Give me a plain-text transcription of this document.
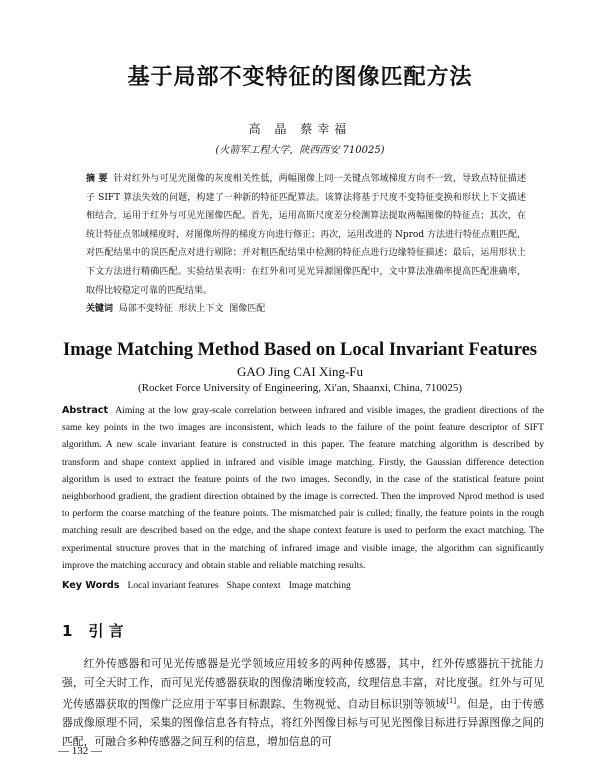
基于局部不变特征的图像匹配方法
高 晶 蔡幸福
(火箭军工程大学，陕西西安 710025)
摘 要 针对红外与可见光图像的灰度相关性低，两幅图像上同一关键点邻域梯度方向不一致，导致点特征描述子 SIFT 算法失效的问题，构建了一种新的特征匹配算法。该算法将基于尺度不变特征变换和形状上下文描述相结合，运用于红外与可见光图像匹配。首先，运用高斯尺度差分检测算法提取两幅图像的特征点；其次，在统计特征点邻域梯度时，对图像所得的梯度方向进行修正；再次，运用改进的 Nprod 方法进行特征点粗匹配，对匹配结果中的误匹配点对进行剔除；并对粗匹配结果中检测的特征点进行边缘特征描述；最后，运用形状上下文方法进行精确匹配。实验结果表明：在红外和可见光异源图像匹配中，文中算法准确率提高匹配准确率，取得比较稳定可靠的匹配结果。
关键词 局部不变特征 形状上下文 图像匹配
Image Matching Method Based on Local Invariant Features
GAO Jing CAI Xing-Fu
(Rocket Force University of Engineering, Xi'an, Shaanxi, China, 710025)
Abstract Aiming at the low gray-scale correlation between infrared and visible images, the gradient directions of the same key points in the two images are inconsistent, which leads to the failure of the point feature descriptor of SIFT algorithm. A new scale invariant feature is constructed in this paper. The feature matching algorithm is described by transform and shape context applied in infrared and visible image matching. Firstly, the Gaussian difference detection algorithm is used to extract the feature points of the two images. Secondly, in the case of the statistical feature point neighborhood gradient, the gradient direction obtained by the image is corrected. Then the improved Nprod method is used to perform the coarse matching of the feature points. The mismatched pair is culled; finally, the feature points in the rough matching result are described based on the edge, and the shape context feature is used to perform the exact matching. The experimental structure proves that in the matching of infrared image and visible image, the algorithm can significantly improve the matching accuracy and obtain stable and reliable matching results.
Key Words Local invariant features Shape context Image matching
1 引 言
红外传感器和可见光传感器是光学领域应用较多的两种传感器，其中，红外传感器抗干扰能力强，可全天时工作，而可见光传感器获取的图像清晰度较高，纹理信息丰富，对比度强。红外与可见光传感器获取的图像广泛应用于军事目标跟踪、生物视觉、自动目标识别等领域[1]。但是，由于传感器成像原理不同，采集的图像信息各有特点，将红外图像目标与可见光图像目标进行异源图像之间的匹配，可融合多种传感器之间互利的信息，增加信息的可
— 132 —
